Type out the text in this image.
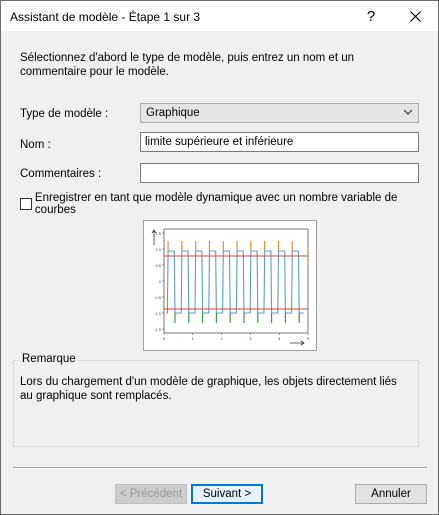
Assistant de modèle - Étape 1 sur 3	?
Sélectionnez d'abord le type de modèle, puis entrez un nom et un commentaire pour le modèle.
Type de modèle :	Graphique
Nom :
limite supérieure et inférieure
Commentaires :
Enregistrer en tant que modèle dynamique avec un nombre variable de courbes
1.5
1.0
0.5
0
-0.5
-1.0
-1.5
0	1	2	3	4	5
Remarque
Lors du chargement d'un modèle de graphique, les objets directement liés au graphique sont remplacés.
< Précédent	Suivant >	Annuler
